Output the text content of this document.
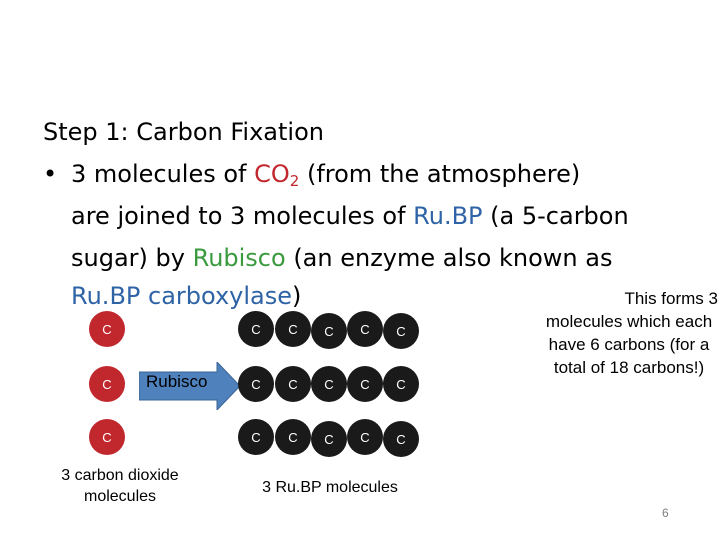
Step 1: Carbon Fixation
• 3 molecules of $CO_2$ (from the atmosphere)
are joined to 3 molecules of Ru.BP (a 5-carbon
sugar) by Rubisco (an enzyme also known as
Ru.BP carboxylase)	This forms 3
molecules which each have 6 carbons (for a total of 18 carbons!)
C
C
C
Rubisco
C	C	C	C	C
C	C	C	C	C
C	C	C	C	C
3 carbon dioxide molecules
3 Ru.BP molecules
6
